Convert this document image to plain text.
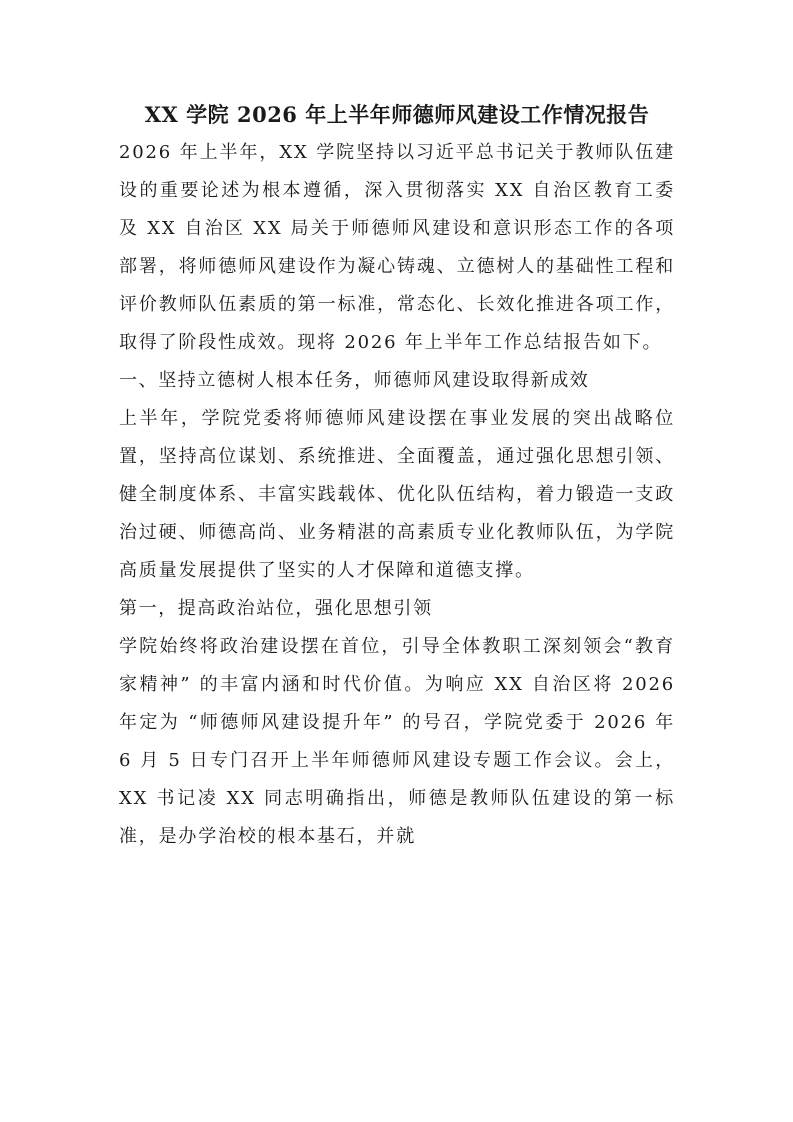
XX 学院 2026 年上半年师德师风建设工作情况报告

2026 年上半年，XX 学院坚持以习近平总书记关于教师队伍建设的重要论述为根本遵循，深入贯彻落实 XX 自治区教育工委及 XX 自治区 XX 局关于师德师风建设和意识形态工作的各项部署，将师德师风建设作为凝心铸魂、立德树人的基础性工程和评价教师队伍素质的第一标准，常态化、长效化推进各项工作，取得了阶段性成效。现将 2026 年上半年工作总结报告如下。

一、坚持立德树人根本任务，师德师风建设取得新成效

上半年，学院党委将师德师风建设摆在事业发展的突出战略位置，坚持高位谋划、系统推进、全面覆盖，通过强化思想引领、健全制度体系、丰富实践载体、优化队伍结构，着力锻造一支政治过硬、师德高尚、业务精湛的高素质专业化教师队伍，为学院高质量发展提供了坚实的人才保障和道德支撑。

第一，提高政治站位，强化思想引领

学院始终将政治建设摆在首位，引导全体教职工深刻领会“教育家精神” 的丰富内涵和时代价值。为响应 XX 自治区将 2026 年定为 “师德师风建设提升年” 的号召，学院党委于 2026 年 6 月 5 日专门召开上半年师德师风建设专题工作会议。会上，XX 书记凌 XX 同志明确指出，师德是教师队伍建设的第一标准，是办学治校的根本基石，并就
